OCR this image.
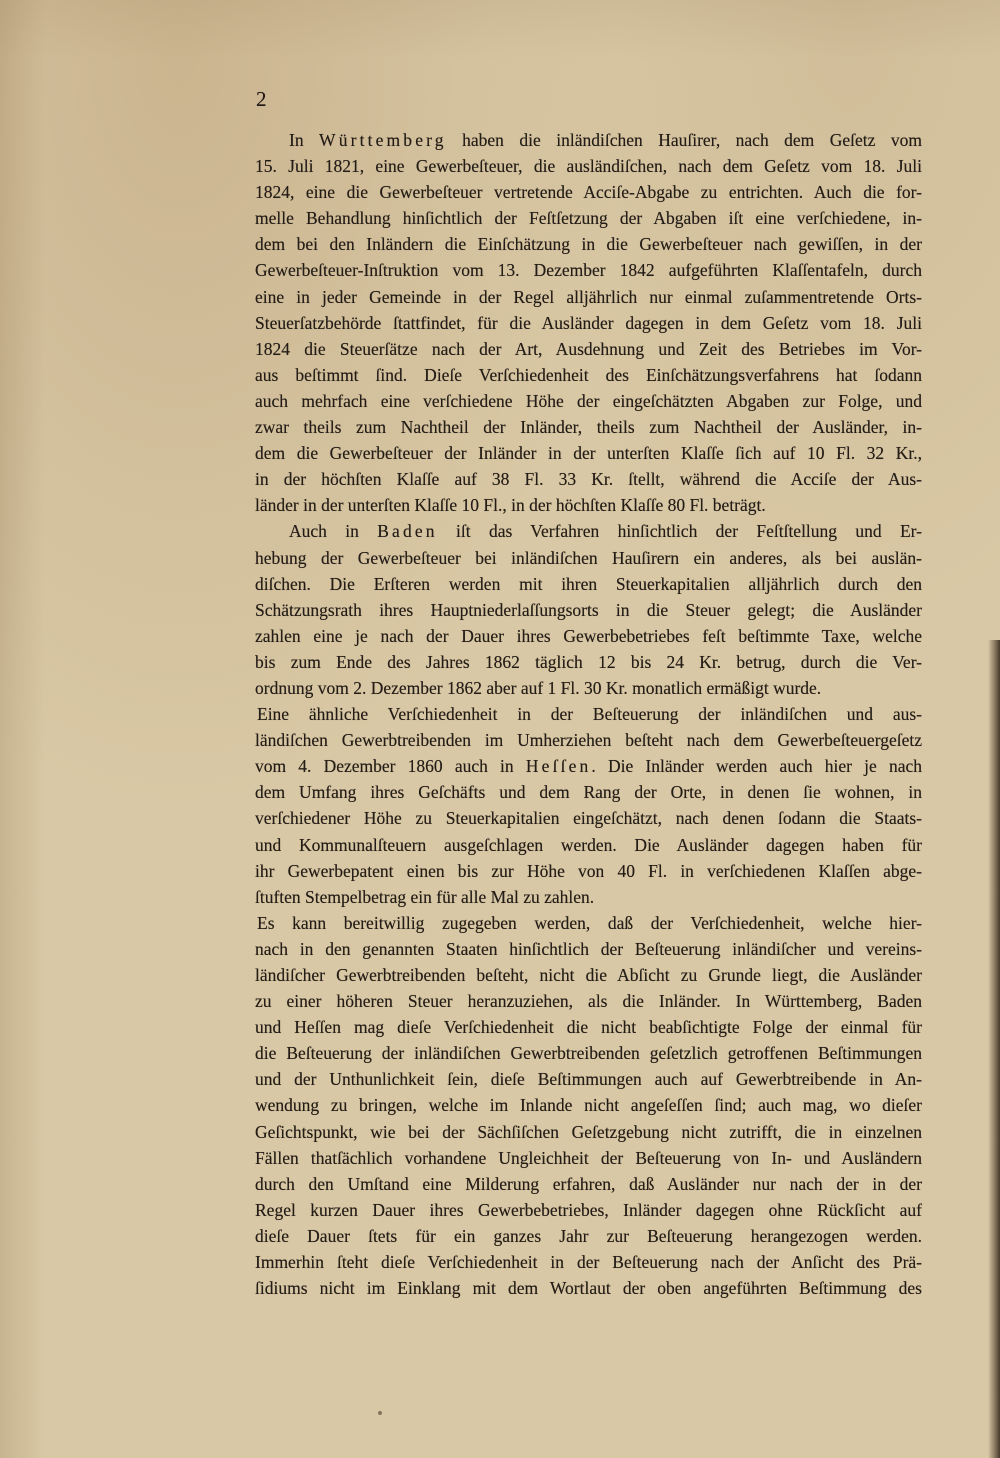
2
In Württemberg haben die inländiſchen Hauſirer, nach dem Geſetz vom
15. Juli 1821, eine Gewerbeſteuer, die ausländiſchen, nach dem Geſetz vom 18. Juli
1824, eine die Gewerbeſteuer vertretende Acciſe-Abgabe zu entrichten. Auch die for-
melle Behandlung hinſichtlich der Feſtſetzung der Abgaben iſt eine verſchiedene, in-
dem bei den Inländern die Einſchätzung in die Gewerbeſteuer nach gewiſſen, in der
Gewerbeſteuer-Inſtruktion vom 13. Dezember 1842 aufgeführten Klaſſentafeln, durch
eine in jeder Gemeinde in der Regel alljährlich nur einmal zuſammentretende Orts-
Steuerſatzbehörde ſtattfindet, für die Ausländer dagegen in dem Geſetz vom 18. Juli
1824 die Steuerſätze nach der Art, Ausdehnung und Zeit des Betriebes im Vor-
aus beſtimmt ſind. Dieſe Verſchiedenheit des Einſchätzungsverfahrens hat ſodann
auch mehrfach eine verſchiedene Höhe der eingeſchätzten Abgaben zur Folge, und
zwar theils zum Nachtheil der Inländer, theils zum Nachtheil der Ausländer, in-
dem die Gewerbeſteuer der Inländer in der unterſten Klaſſe ſich auf 10 Fl. 32 Kr.,
in der höchſten Klaſſe auf 38 Fl. 33 Kr. ſtellt, während die Acciſe der Aus-
länder in der unterſten Klaſſe 10 Fl., in der höchſten Klaſſe 80 Fl. beträgt.
Auch in Baden iſt das Verfahren hinſichtlich der Feſtſtellung und Er-
hebung der Gewerbeſteuer bei inländiſchen Hauſirern ein anderes, als bei auslän-
diſchen. Die Erſteren werden mit ihren Steuerkapitalien alljährlich durch den
Schätzungsrath ihres Hauptniederlaſſungsorts in die Steuer gelegt; die Ausländer
zahlen eine je nach der Dauer ihres Gewerbebetriebes feſt beſtimmte Taxe, welche
bis zum Ende des Jahres 1862 täglich 12 bis 24 Kr. betrug, durch die Ver-
ordnung vom 2. Dezember 1862 aber auf 1 Fl. 30 Kr. monatlich ermäßigt wurde.
Eine ähnliche Verſchiedenheit in der Beſteuerung der inländiſchen und aus-
ländiſchen Gewerbtreibenden im Umherziehen beſteht nach dem Gewerbeſteuergeſetz
vom 4. Dezember 1860 auch in Heſſen. Die Inländer werden auch hier je nach
dem Umfang ihres Geſchäfts und dem Rang der Orte, in denen ſie wohnen, in
verſchiedener Höhe zu Steuerkapitalien eingeſchätzt, nach denen ſodann die Staats-
und Kommunalſteuern ausgeſchlagen werden. Die Ausländer dagegen haben für
ihr Gewerbepatent einen bis zur Höhe von 40 Fl. in verſchiedenen Klaſſen abge-
ſtuften Stempelbetrag ein für alle Mal zu zahlen.
Es kann bereitwillig zugegeben werden, daß der Verſchiedenheit, welche hier-
nach in den genannten Staaten hinſichtlich der Beſteuerung inländiſcher und vereins-
ländiſcher Gewerbtreibenden beſteht, nicht die Abſicht zu Grunde liegt, die Ausländer
zu einer höheren Steuer heranzuziehen, als die Inländer. In Württemberg, Baden
und Heſſen mag dieſe Verſchiedenheit die nicht beabſichtigte Folge der einmal für
die Beſteuerung der inländiſchen Gewerbtreibenden geſetzlich getroffenen Beſtimmungen
und der Unthunlichkeit ſein, dieſe Beſtimmungen auch auf Gewerbtreibende in An-
wendung zu bringen, welche im Inlande nicht angeſeſſen ſind; auch mag, wo dieſer
Geſichtspunkt, wie bei der Sächſiſchen Geſetzgebung nicht zutrifft, die in einzelnen
Fällen thatſächlich vorhandene Ungleichheit der Beſteuerung von In- und Ausländern
durch den Umſtand eine Milderung erfahren, daß Ausländer nur nach der in der
Regel kurzen Dauer ihres Gewerbebetriebes, Inländer dagegen ohne Rückſicht auf
dieſe Dauer ſtets für ein ganzes Jahr zur Beſteuerung herangezogen werden.
Immerhin ſteht dieſe Verſchiedenheit in der Beſteuerung nach der Anſicht des Prä-
ſidiums nicht im Einklang mit dem Wortlaut der oben angeführten Beſtimmung des
